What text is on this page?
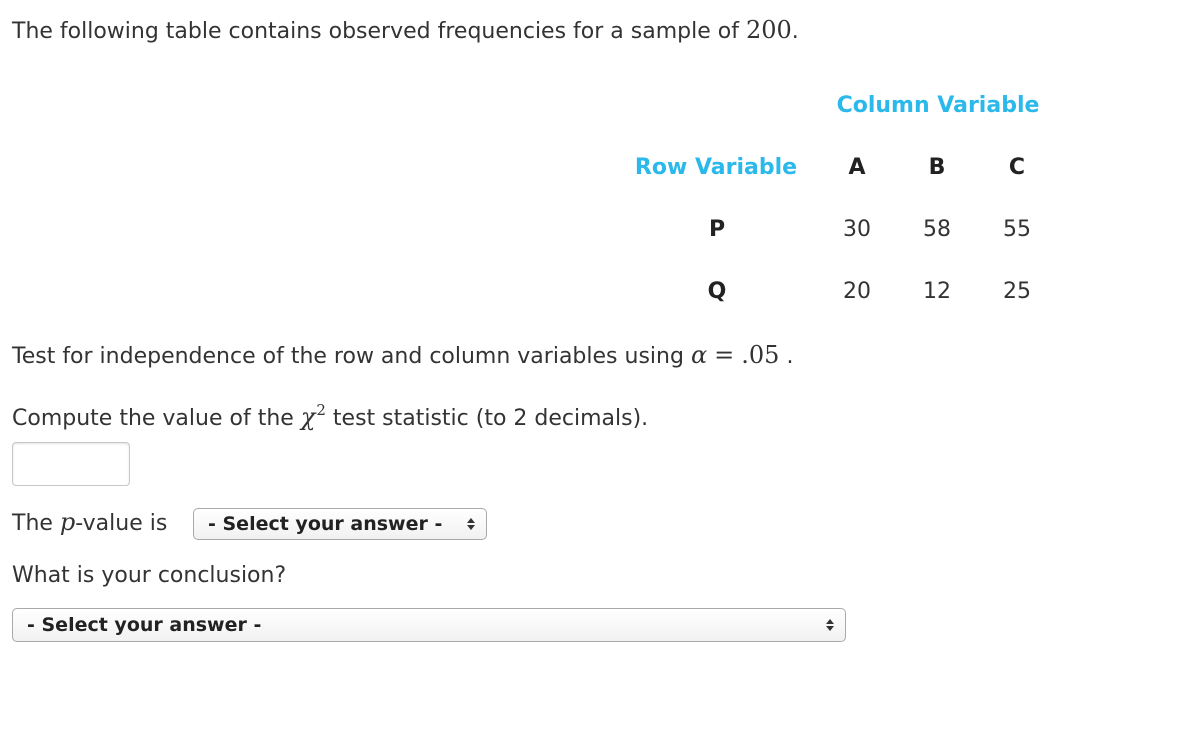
The following table contains observed frequencies for a sample of 200.
Column Variable
Row Variable	A	B	C
P	30	58	55
Q	20	12	25
Test for independence of the row and column variables using α = .05 .
Compute the value of the $\chi^2$ test statistic (to 2 decimals).
The p-value is - Select your answer -
What is your conclusion?
- Select your answer -
